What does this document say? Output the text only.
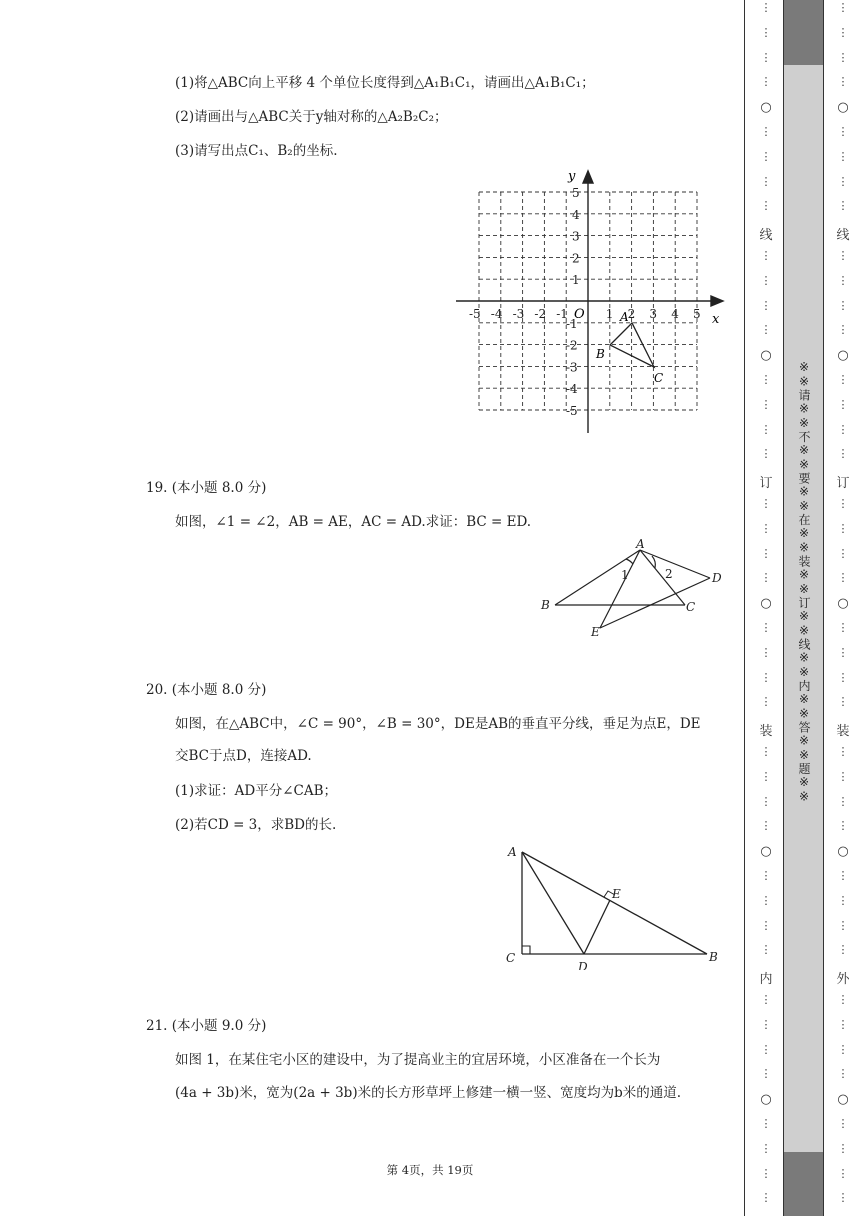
(1)将△ABC向上平移 4 个单位长度得到△A₁B₁C₁，请画出△A₁B₁C₁；
(2)请画出与△ABC关于y轴对称的△A₂B₂C₂；
(3)请写出点C₁、B₂的坐标.
-5 -4 -3 -2 -1	1 2 3 4 5
5
4
3
2
1
-1
-2
-3
-4
-5
x
y
O	A
B
C
19. (本小题 8.0 分)
如图，∠1 = ∠2，AB = AE，AC = AD.求证：BC = ED.
A
B	C
D
E
1	2
20. (本小题 8.0 分)
如图，在△ABC中，∠C = 90°，∠B = 30°，DE是AB的垂直平分线，垂足为点E，DE
交BC于点D，连接AD.
(1)求证：AD平分∠CAB；
(2)若CD = 3，求BD的长.
A
C
D
E
B
21. (本小题 9.0 分)
如图 1，在某住宅小区的建设中，为了提高业主的宜居环境，小区准备在一个长为
(4a + 3b)米，宽为(2a + 3b)米的长方形草坪上修建一横一竖、宽度均为b米的通道.
第 4页，共 19页
⋮
⋮
⋮
⋮
○
⋮
⋮
⋮
⋮
线
⋮
⋮
⋮
⋮
○
⋮
⋮
⋮
⋮
订
⋮
⋮
⋮
⋮
○
⋮
⋮
⋮
⋮
装
⋮
⋮
⋮
⋮
○
⋮
⋮
⋮
⋮
内
⋮
⋮
⋮
⋮
○
⋮
⋮
⋮
⋮
※※请※※不※※要※※在※※装※※订※※线※※内※※答※※题※※
⋮
⋮
⋮
⋮
○
⋮
⋮
⋮
⋮
线
⋮
⋮
⋮
⋮
○
⋮
⋮
⋮
⋮
订
⋮
⋮
⋮
⋮
○
⋮
⋮
⋮
⋮
装
⋮
⋮
⋮
⋮
○
⋮
⋮
⋮
⋮
外
⋮
⋮
⋮
⋮
○
⋮
⋮
⋮
⋮
